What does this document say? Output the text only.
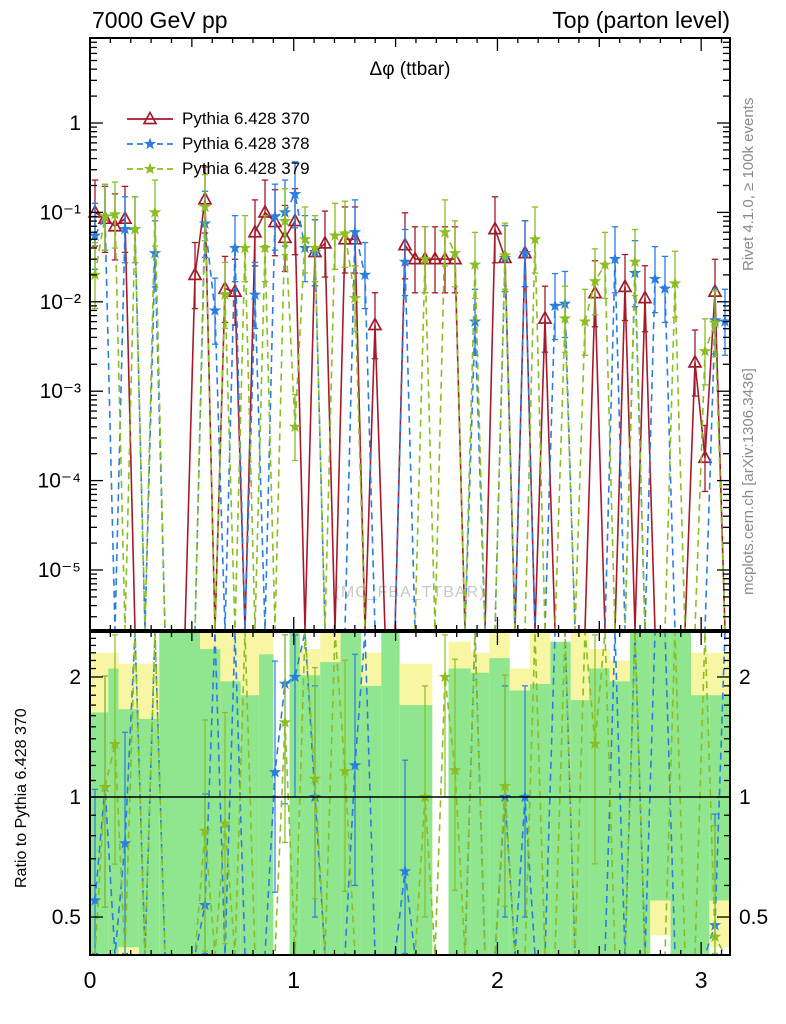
7000 GeV pp	Top (parton level)
(MC_FBA_TTBAR)
1
10⁻¹
10⁻²
10⁻³
10⁻⁴
10⁻⁵
2	2
1	1
0.5	0.5
0	1	2	3
Δφ (ttbar)
Pythia 6.428 370
Pythia 6.428 378
Pythia 6.428 379	Rivet 4.1.0, ≥ 100k events
mcplots.cern.ch [arXiv:1306.3436]
Ratio to Pythia 6.428 370
